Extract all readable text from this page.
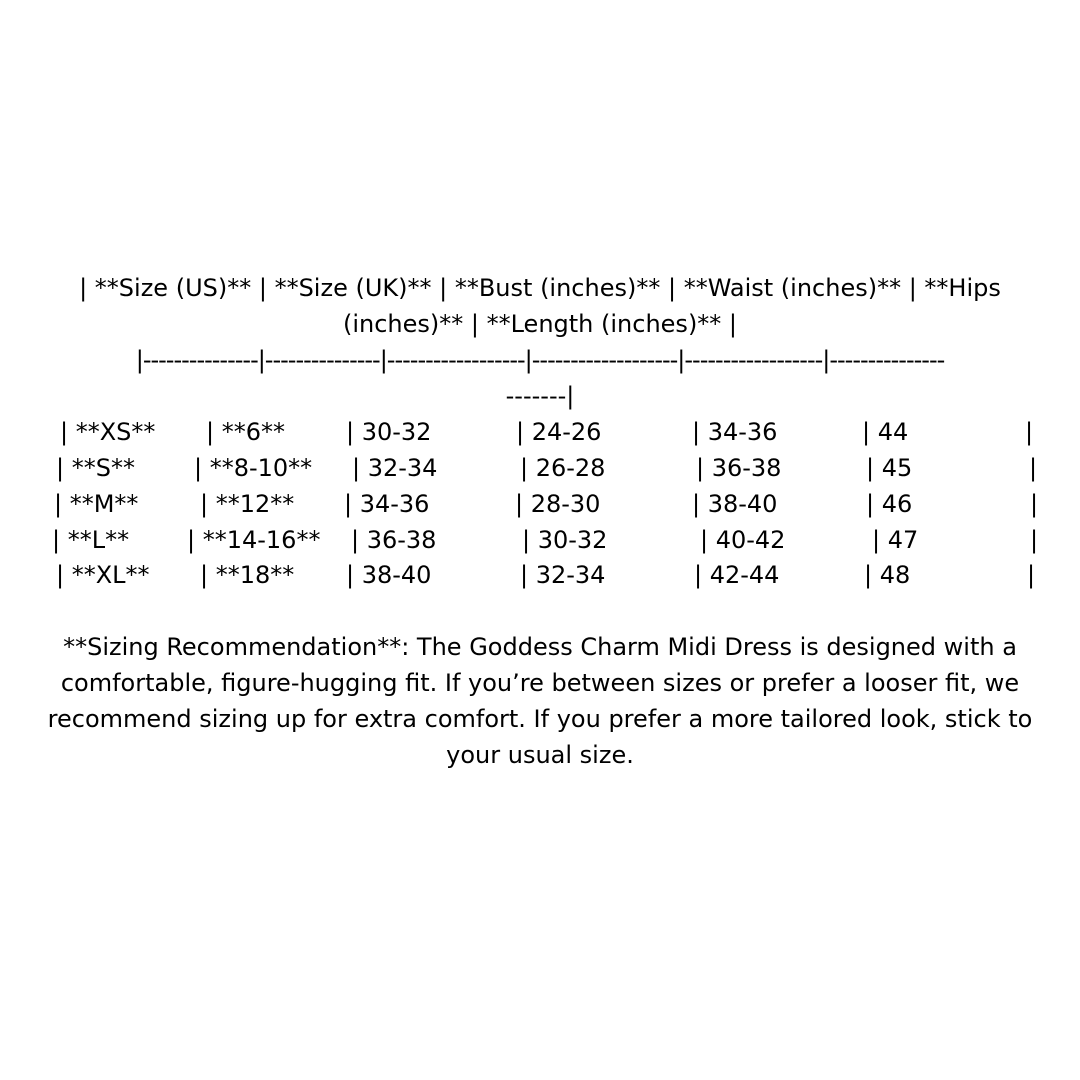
| **Size (US)** | **Size (UK)** | **Bust (inches)** | **Waist (inches)** | **Hips
(inches)** | **Length (inches)** |
|---------------|---------------|------------------|-------------------|------------------|---------------
-------|
| **XS** | **6**	| 30-32	| 24-26	| 34-36	| 44	|
| **S** | **8-10** | 32-34	| 26-28	| 36-38	| 45	|
| **M**	| **12** | 34-36	| 28-30	| 38-40	| 46	|
| **L** | **14-16** | 36-38	| 30-32	| 40-42	| 47	|
| **XL** | **18** | 38-40	| 32-34	| 42-44	| 48	|
**Sizing Recommendation**: The Goddess Charm Midi Dress is designed with a comfortable, figure-hugging fit. If you’re between sizes or prefer a looser fit, we recommend sizing up for extra comfort. If you prefer a more tailored look, stick to your usual size.
